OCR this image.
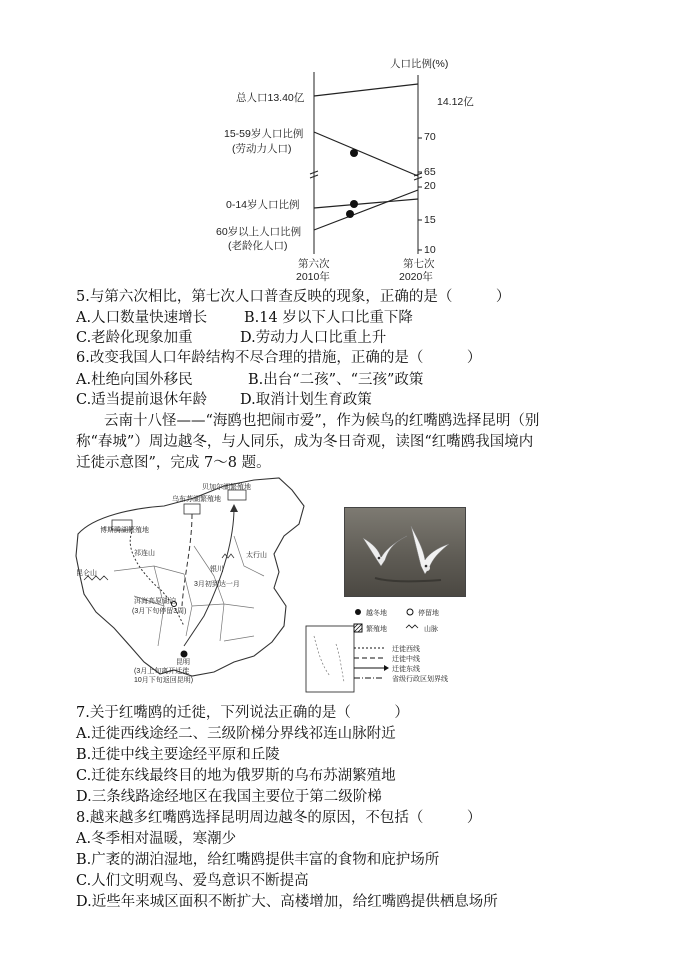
人口比例(%)
总人口13.40亿	14.12亿
15-59岁人口比例
(劳动力人口)
0-14岁人口比例
60岁以上人口比例
(老龄化人口)
70
65
20
15
10
第六次
2010年
第七次
2020年
5.与第六次相比，第七次人口普查反映的现象，正确的是（　　　）
A.人口数量快速增长	B.14 岁以下人口比重下降
C.老龄化现象加重	D.劳动力人口比重上升
6.改变我国人口年龄结构不尽合理的措施，正确的是（　　　）
A.杜绝向国外移民	B.出台“二孩”、“三孩”政策
C.适当提前退休年龄 D.取消计划生育政策
云南十八怪——“海鸥也把闹市爱”，作为候鸟的红嘴鸥选择昆明（别
称“春城”）周边越冬，与人同乐，成为冬日奇观，读图“红嘴鸥我国境内
迁徙示意图”，完成 7～8 题。
乌布苏湖繁殖地
贝加尔湖繁殖地
博斯腾湖繁殖地
昆仑山
银川
太行山
祁连山
3月初到达一月
洱海高原湖泊
(3月下旬停留3周)
昆明
(3月上旬离开迁徙
10月下旬返回昆明)
越冬地	停留地
繁殖地	山脉
迁徙西线
迁徙中线
迁徙东线
省级行政区划界线
7.关于红嘴鸥的迁徙，下列说法正确的是（　　　）
A.迁徙西线途经二、三级阶梯分界线祁连山脉附近
B.迁徙中线主要途经平原和丘陵
C.迁徙东线最终目的地为俄罗斯的乌布苏湖繁殖地
D.三条线路途经地区在我国主要位于第二级阶梯
8.越来越多红嘴鸥选择昆明周边越冬的原因，不包括（　　　）
A.冬季相对温暖，寒潮少
B.广袤的湖泊湿地，给红嘴鸥提供丰富的食物和庇护场所
C.人们文明观鸟、爱鸟意识不断提高
D.近些年来城区面积不断扩大、高楼增加，给红嘴鸥提供栖息场所
